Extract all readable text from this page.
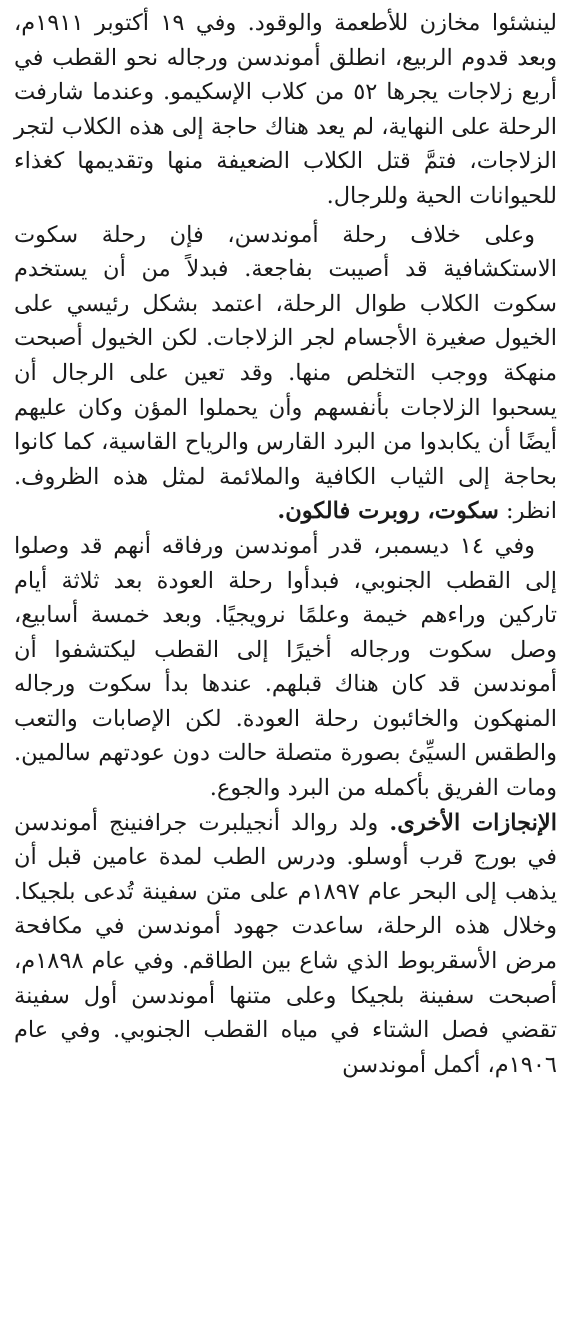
لينشئوا مخازن للأطعمة والوقود. وفي ١٩ أكتوبر ١٩١١م، وبعد قدوم الربيع، انطلق أموندسن ورجاله نحو القطب في أربع زلاجات يجرها ٥٢ من كلاب الإسكيمو. وعندما شارفت الرحلة على النهاية، لم يعد هناك حاجة إلى هذه الكلاب لتجر الزلاجات، فتمَّ قتل الكلاب الضعيفة منها وتقديمها كغذاء للحيوانات الحية وللرجال.

وعلى خلاف رحلة أموندسن، فإن رحلة سكوت الاستكشافية قد أصيبت بفاجعة. فبدلاً من أن يستخدم سكوت الكلاب طوال الرحلة، اعتمد بشكل رئيسي على الخيول صغيرة الأجسام لجر الزلاجات. لكن الخيول أصبحت منهكة ووجب التخلص منها. وقد تعين على الرجال أن يسحبوا الزلاجات بأنفسهم وأن يحملوا المؤن وكان عليهم أيضًا أن يكابدوا من البرد القارس والرياح القاسية، كما كانوا بحاجة إلى الثياب الكافية والملائمة لمثل هذه الظروف. انظر: سكوت، روبرت فالكون.

وفي ١٤ ديسمبر، قدر أموندسن ورفاقه أنهم قد وصلوا إلى القطب الجنوبي، فبدأوا رحلة العودة بعد ثلاثة أيام تاركين وراءهم خيمة وعلمًا نرويجيًا. وبعد خمسة أسابيع، وصل سكوت ورجاله أخيرًا إلى القطب ليكتشفوا أن أموندسن قد كان هناك قبلهم. عندها بدأ سكوت ورجاله المنهكون والخائبون رحلة العودة. لكن الإصابات والتعب والطقس السيِّئ بصورة متصلة حالت دون عودتهم سالمين. ومات الفريق بأكمله من البرد والجوع.

الإنجازات الأخرى. ولد روالد أنجيلبرت جرافنينج أموندسن في بورج قرب أوسلو. ودرس الطب لمدة عامين قبل أن يذهب إلى البحر عام ١٨٩٧م على متن سفينة تُدعى بلجيكا. وخلال هذه الرحلة، ساعدت جهود أموندسن في مكافحة مرض الأسقربوط الذي شاع بين الطاقم. وفي عام ١٨٩٨م، أصبحت سفينة بلجيكا وعلى متنها أموندسن أول سفينة تقضي فصل الشتاء في مياه القطب الجنوبي. وفي عام ١٩٠٦م، أكمل أموندسن
